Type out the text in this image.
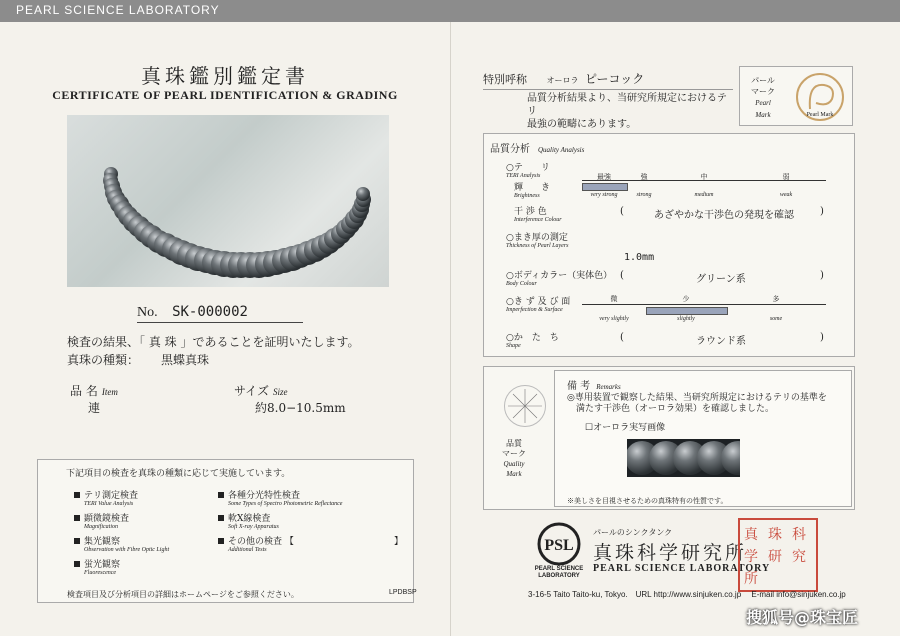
PEARL SCIENCE LABORATORY
真珠鑑別鑑定書
CERTIFICATE OF PEARL IDENTIFICATION & GRADING
No. SK-000002
検査の結果、「 真 珠 」であることを証明いたします。
真珠の種類： 黒蝶真珠
品 名 Item	サイズ Size
連	約8.0−10.5mm
下記項目の検査を真珠の種類に応じて実施しています。
テリ測定検査
TERI Value Analysis
顕微鏡検査
Magnification
集光観察
Observation with Fibre Optic Light
蛍光観察
Fluorescence
各種分光特性検査
Some Types of Spectro Photometric Reflectance
軟X線検査
Soft X-ray Apparatus
その他の検査 【
Additional Tests
】
検査項目及び分析項目の詳細はホームページをご参照ください。	LPDBSP
特別呼称 オーロラ ピーコック
品質分析結果より、当研究所規定におけるテリ
最強の範疇にあります。
パール
マーク
Pearl
Mark	Pearl Mark
品質分析 Quality Analysis
○テ　　リ
TERI Analysis
輝　　き
Brightness
最強
very strong
強
strong
中
medium
弱
weak
干 渉 色
Interference Colour
(	あざやかな干渉色の発現を確認	)
○まき厚の測定
Thickness of Pearl Layers
1.0mm
○ボディカラー（実体色）
Body Colour
(	グリーン系	)
○き ず 及 び 面
Imperfection & Surface
微
very slightly
少
slightly
多
some
○か　た　ち
Shape
(	ラウンド系	)
品質
マーク
Quality
Mark
備 考 Remarks
◎専用装置で観察した結果、当研究所規定におけるテリの基準を
　満たす干渉色（オーロラ効果）を確認しました。
☐オーロラ実写画像
※美しさを目視させるための真珠特有の性質です。
PSL
PEARL SCIENCE
LABORATORY
パールのシンクタンク
真珠科学研究所
PEARL SCIENCE LABORATORY
真 珠 科
学 研 究
所
3-16-5 Taito Taito-ku, Tokyo.　URL http://www.sinjuken.co.jp　 E-mail info@sinjuken.co.jp
搜狐号@珠宝匠
